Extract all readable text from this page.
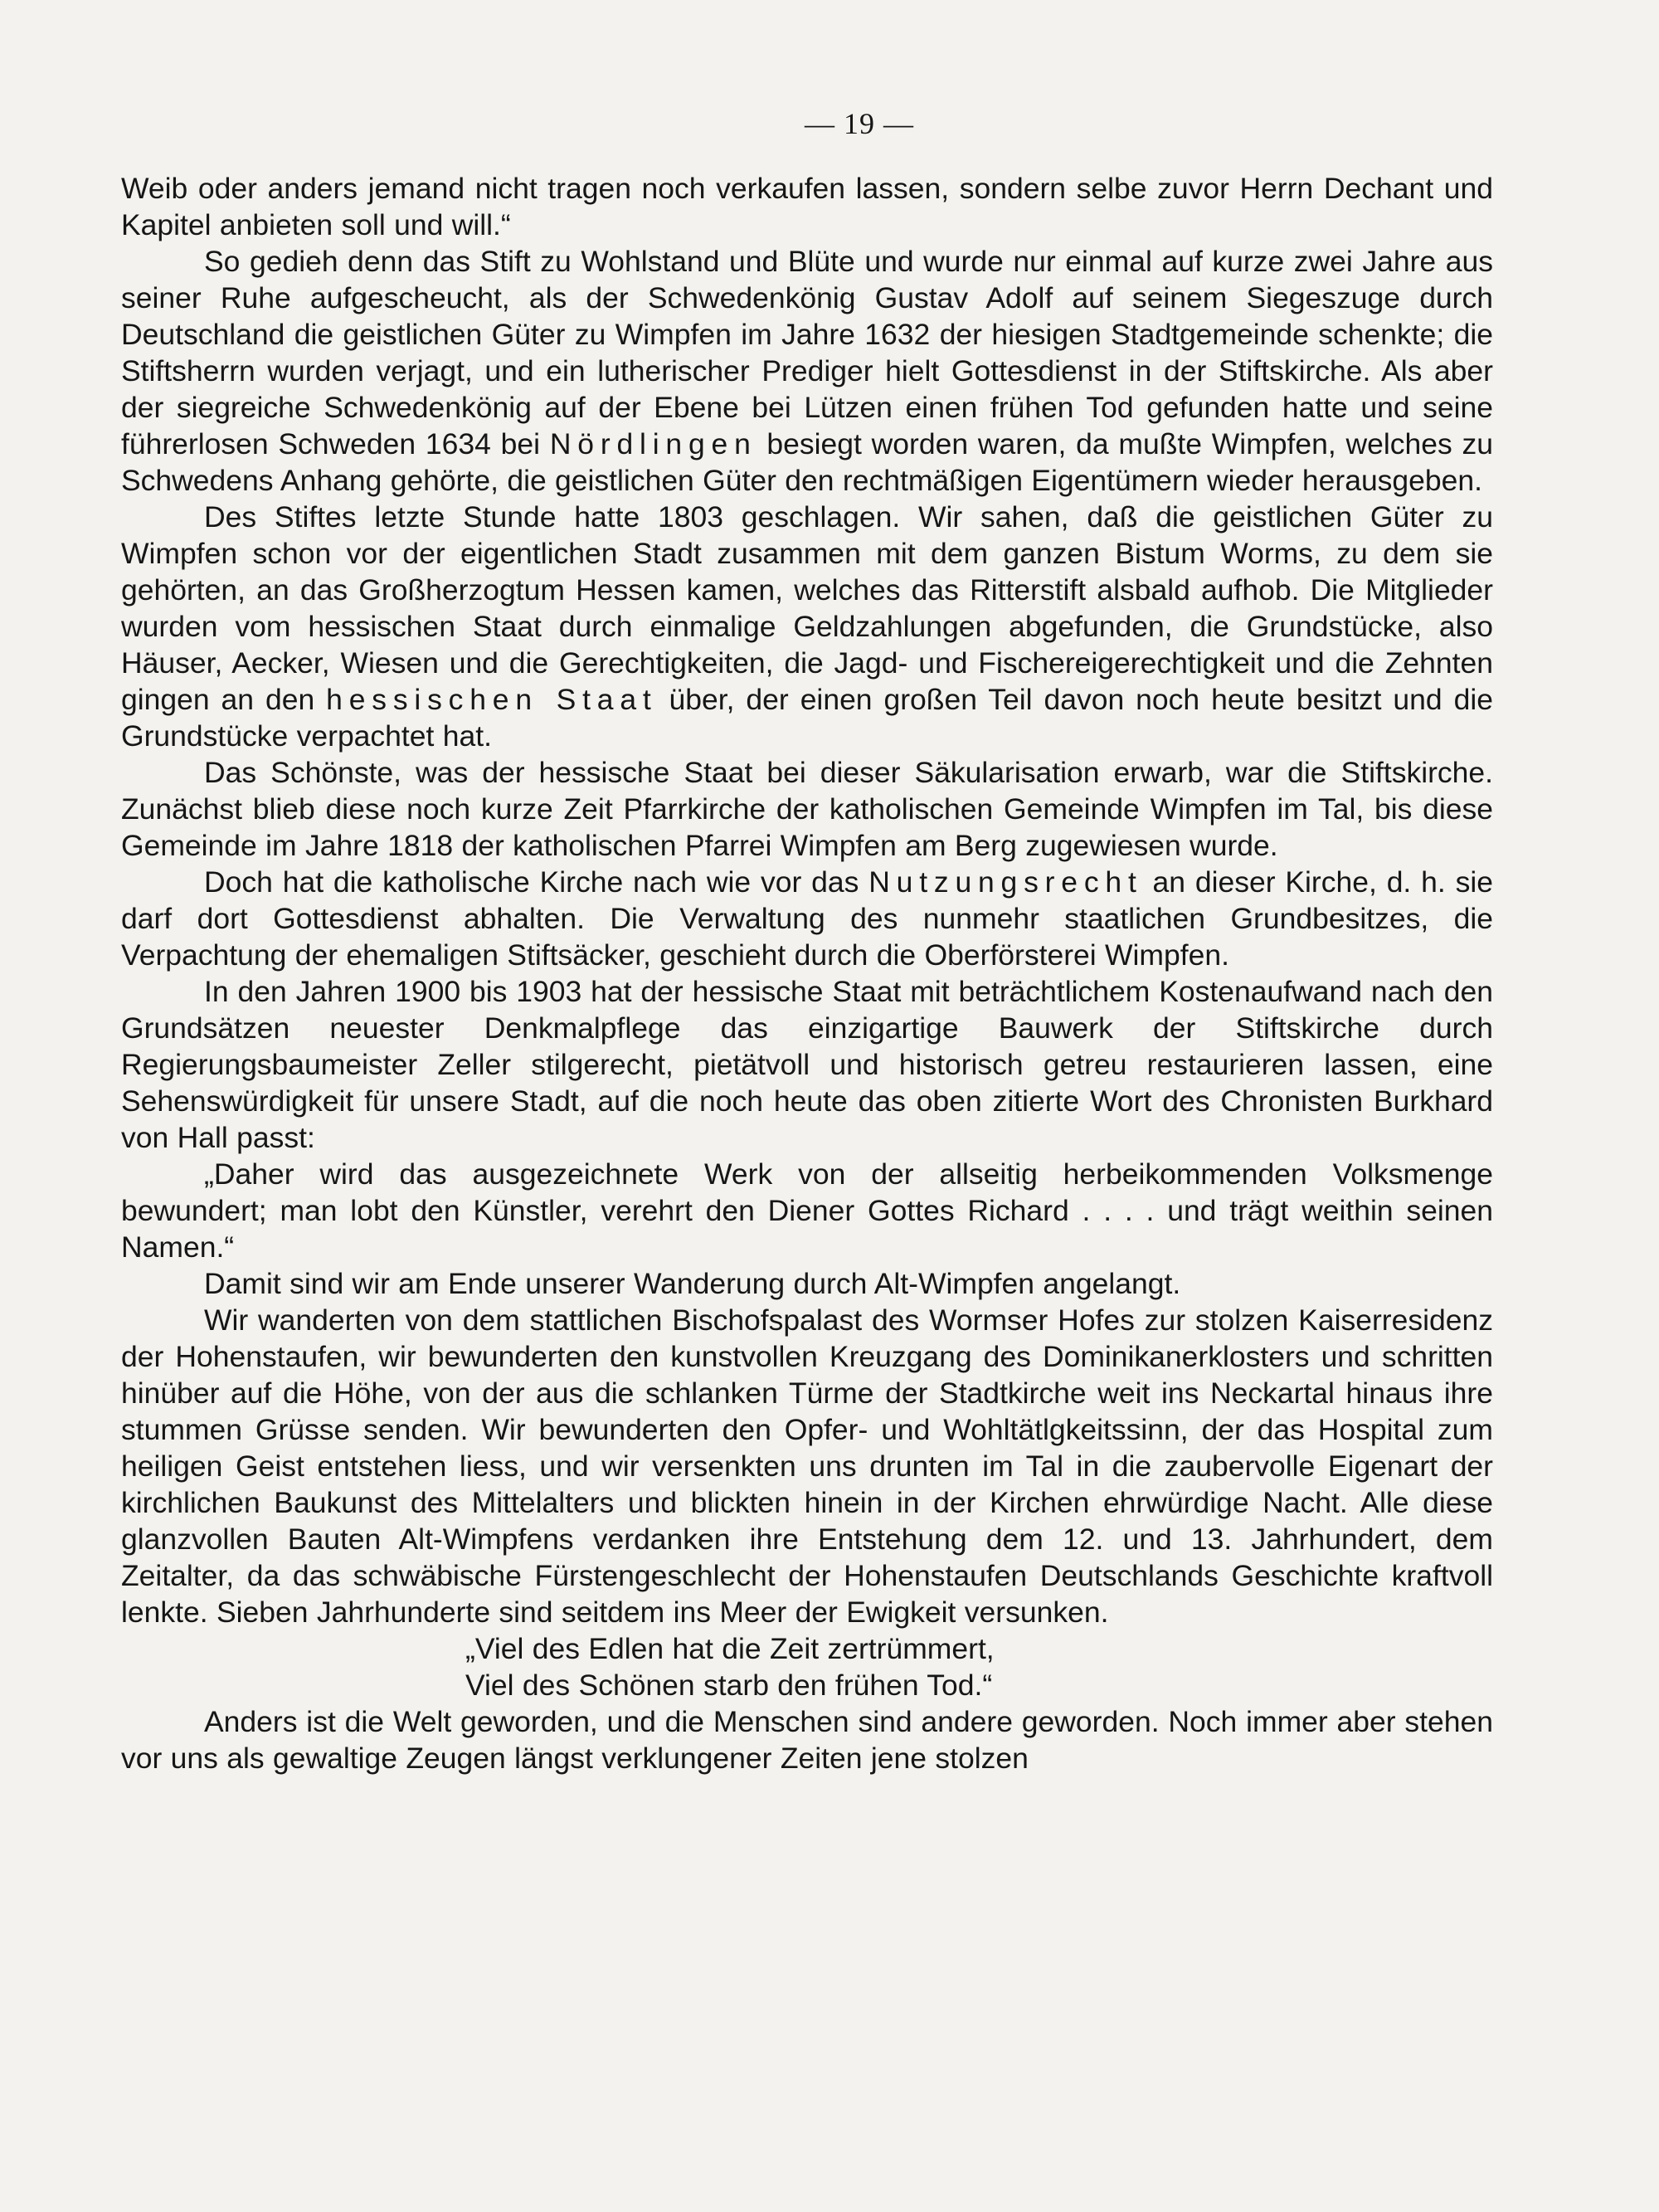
— 19 —

Weib oder anders jemand nicht tragen noch verkaufen lassen, sondern selbe zuvor Herrn Dechant und Kapitel anbieten soll und will.“

So gedieh denn das Stift zu Wohlstand und Blüte und wurde nur einmal auf kurze zwei Jahre aus seiner Ruhe aufgescheucht, als der Schwedenkönig Gustav Adolf auf seinem Siegeszuge durch Deutschland die geistlichen Güter zu Wimpfen im Jahre 1632 der hiesigen Stadtgemeinde schenkte; die Stiftsherrn wurden verjagt, und ein lutherischer Prediger hielt Gottesdienst in der Stiftskirche. Als aber der siegreiche Schwedenkönig auf der Ebene bei Lützen einen frühen Tod gefunden hatte und seine führerlosen Schweden 1634 bei Nördlingen besiegt worden waren, da mußte Wimpfen, welches zu Schwedens Anhang gehörte, die geistlichen Güter den rechtmäßigen Eigentümern wieder herausgeben.

Des Stiftes letzte Stunde hatte 1803 geschlagen. Wir sahen, daß die geistlichen Güter zu Wimpfen schon vor der eigentlichen Stadt zusammen mit dem ganzen Bistum Worms, zu dem sie gehörten, an das Großherzogtum Hessen kamen, welches das Ritterstift alsbald aufhob. Die Mitglieder wurden vom hessischen Staat durch einmalige Geldzahlungen abgefunden, die Grundstücke, also Häuser, Aecker, Wiesen und die Gerechtigkeiten, die Jagd- und Fischereigerechtigkeit und die Zehnten gingen an den hessischen Staat über, der einen großen Teil davon noch heute besitzt und die Grundstücke verpachtet hat.

Das Schönste, was der hessische Staat bei dieser Säkularisation erwarb, war die Stiftskirche. Zunächst blieb diese noch kurze Zeit Pfarrkirche der katholischen Gemeinde Wimpfen im Tal, bis diese Gemeinde im Jahre 1818 der katholischen Pfarrei Wimpfen am Berg zugewiesen wurde.

Doch hat die katholische Kirche nach wie vor das Nutzungsrecht an dieser Kirche, d. h. sie darf dort Gottesdienst abhalten. Die Verwaltung des nunmehr staatlichen Grundbesitzes, die Verpachtung der ehemaligen Stiftsäcker, geschieht durch die Oberförsterei Wimpfen.

In den Jahren 1900 bis 1903 hat der hessische Staat mit beträchtlichem Kostenaufwand nach den Grundsätzen neuester Denkmalpflege das einzigartige Bauwerk der Stiftskirche durch Regierungsbaumeister Zeller stilgerecht, pietätvoll und historisch getreu restaurieren lassen, eine Sehenswürdigkeit für unsere Stadt, auf die noch heute das oben zitierte Wort des Chronisten Burkhard von Hall passt:

„Daher wird das ausgezeichnete Werk von der allseitig herbeikommenden Volksmenge bewundert; man lobt den Künstler, verehrt den Diener Gottes Richard . . . . und trägt weithin seinen Namen.“

Damit sind wir am Ende unserer Wanderung durch Alt-Wimpfen angelangt.

Wir wanderten von dem stattlichen Bischofspalast des Wormser Hofes zur stolzen Kaiserresidenz der Hohenstaufen, wir bewunderten den kunstvollen Kreuzgang des Dominikanerklosters und schritten hinüber auf die Höhe, von der aus die schlanken Türme der Stadtkirche weit ins Neckartal hinaus ihre stummen Grüsse senden. Wir bewunderten den Opfer- und Wohltätlgkeitssinn, der das Hospital zum heiligen Geist entstehen liess, und wir versenkten uns drunten im Tal in die zaubervolle Eigenart der kirchlichen Baukunst des Mittelalters und blickten hinein in der Kirchen ehrwürdige Nacht. Alle diese glanzvollen Bauten Alt-Wimpfens verdanken ihre Entstehung dem 12. und 13. Jahrhundert, dem Zeitalter, da das schwäbische Fürstengeschlecht der Hohenstaufen Deutschlands Geschichte kraftvoll lenkte. Sieben Jahrhunderte sind seitdem ins Meer der Ewigkeit versunken.

„Viel des Edlen hat die Zeit zertrümmert,
Viel des Schönen starb den frühen Tod.“

Anders ist die Welt geworden, und die Menschen sind andere geworden. Noch immer aber stehen vor uns als gewaltige Zeugen längst verklungener Zeiten jene stolzen
